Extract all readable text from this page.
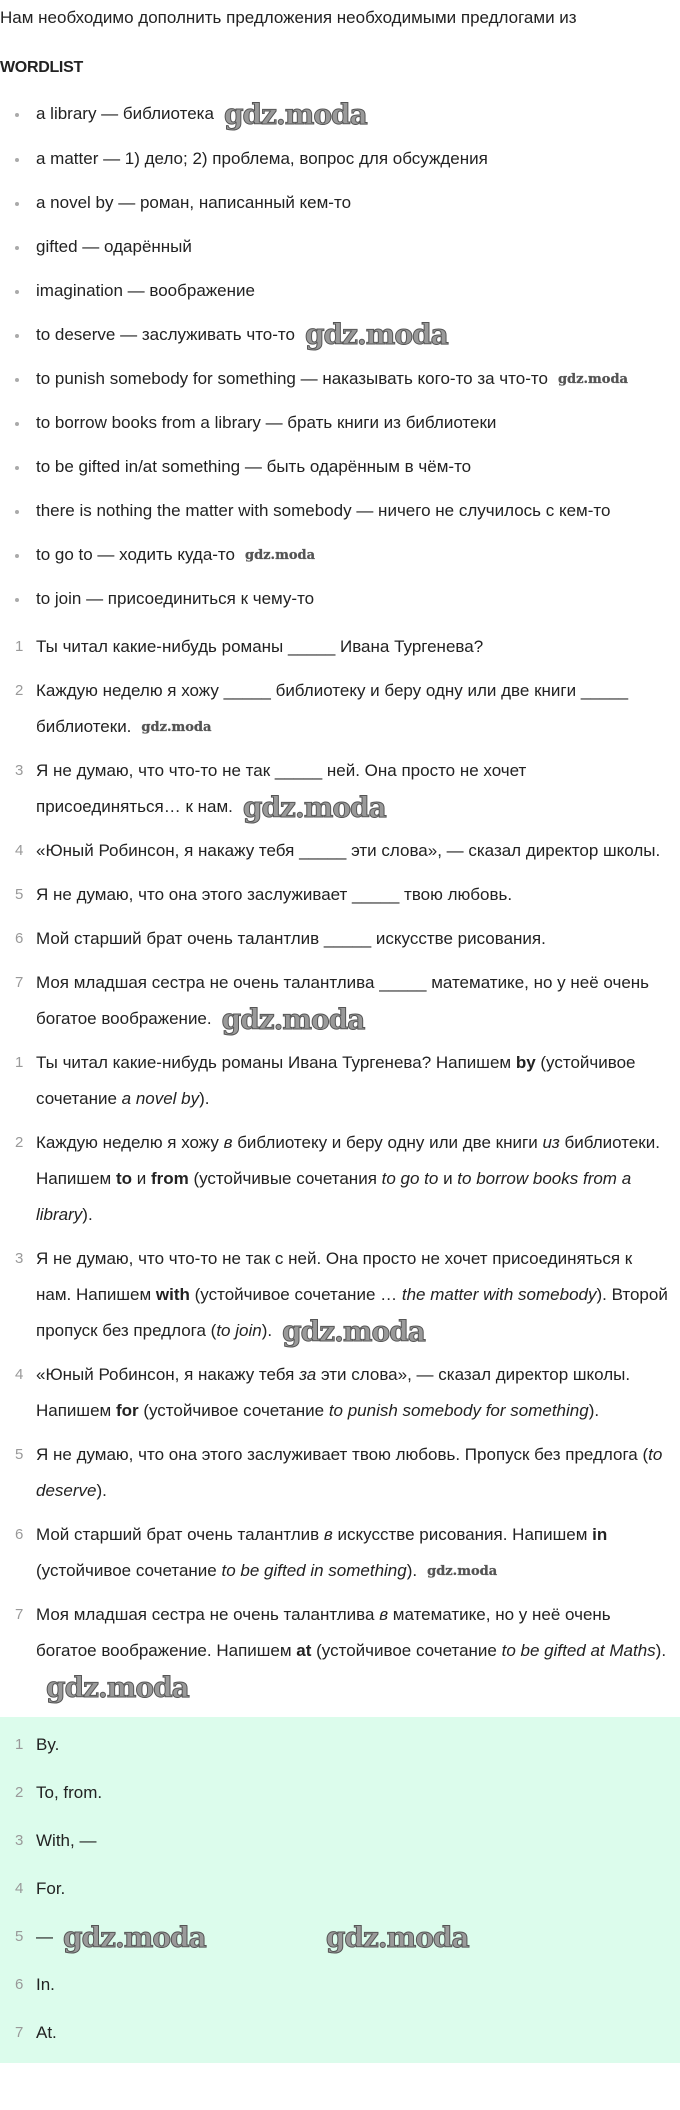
Нам необходимо дополнить предложения необходимыми предлогами из
WORDLIST
a library — библиотека gdz.moda
a matter — 1) дело; 2) проблема, вопрос для обсуждения
a novel by — роман, написанный кем-то
gifted — одарённый
imagination — воображение
to deserve — заслуживать что-то gdz.moda
to punish somebody for something — наказывать кого-то за что-то gdz.moda
to borrow books from a library — брать книги из библиотеки
to be gifted in/at something — быть одарённым в чём-то
there is nothing the matter with somebody — ничего не случилось с кем-то
to go to — ходить куда-то gdz.moda
to join — присоединиться к чему-то
1 Ты читал какие-нибудь романы _____ Ивана Тургенева?
2 Каждую неделю я хожу _____ библиотеку и беру одну или две книги _____ библиотеки. gdz.moda
3 Я не думаю, что что-то не так _____ ней. Она просто не хочет присоединяться… к нам. gdz.moda
4 «Юный Робинсон, я накажу тебя _____ эти слова», — сказал директор школы.
5 Я не думаю, что она этого заслуживает _____ твою любовь.
6 Мой старший брат очень талантлив _____ искусстве рисования.
7 Моя младшая сестра не очень талантлива _____ математике, но у неё очень богатое воображение. gdz.moda
1 Ты читал какие-нибудь романы Ивана Тургенева? Напишем by (устойчивое сочетание a novel by).
2 Каждую неделю я хожу в библиотеку и беру одну или две книги из библиотеки. Напишем to и from (устойчивые сочетания to go to и to borrow books from a library).
3 Я не думаю, что что-то не так с ней. Она просто не хочет присоединяться к нам. Напишем with (устойчивое сочетание … the matter with somebody). Второй пропуск без предлога (to join). gdz.moda
4 «Юный Робинсон, я накажу тебя за эти слова», — сказал директор школы. Напишем for (устойчивое сочетание to punish somebody for something).
5 Я не думаю, что она этого заслуживает твою любовь. Пропуск без предлога (to deserve).
6 Мой старший брат очень талантлив в искусстве рисования. Напишем in (устойчивое сочетание to be gifted in something). gdz.moda
7 Моя младшая сестра не очень талантлива в математике, но у неё очень богатое воображение. Напишем at (устойчивое сочетание to be gifted at Maths).gdz.moda
1 By.
2 To, from.
3 With, —
4 For.
5 — gdz.moda	gdz.moda
6 In.
7 At.
